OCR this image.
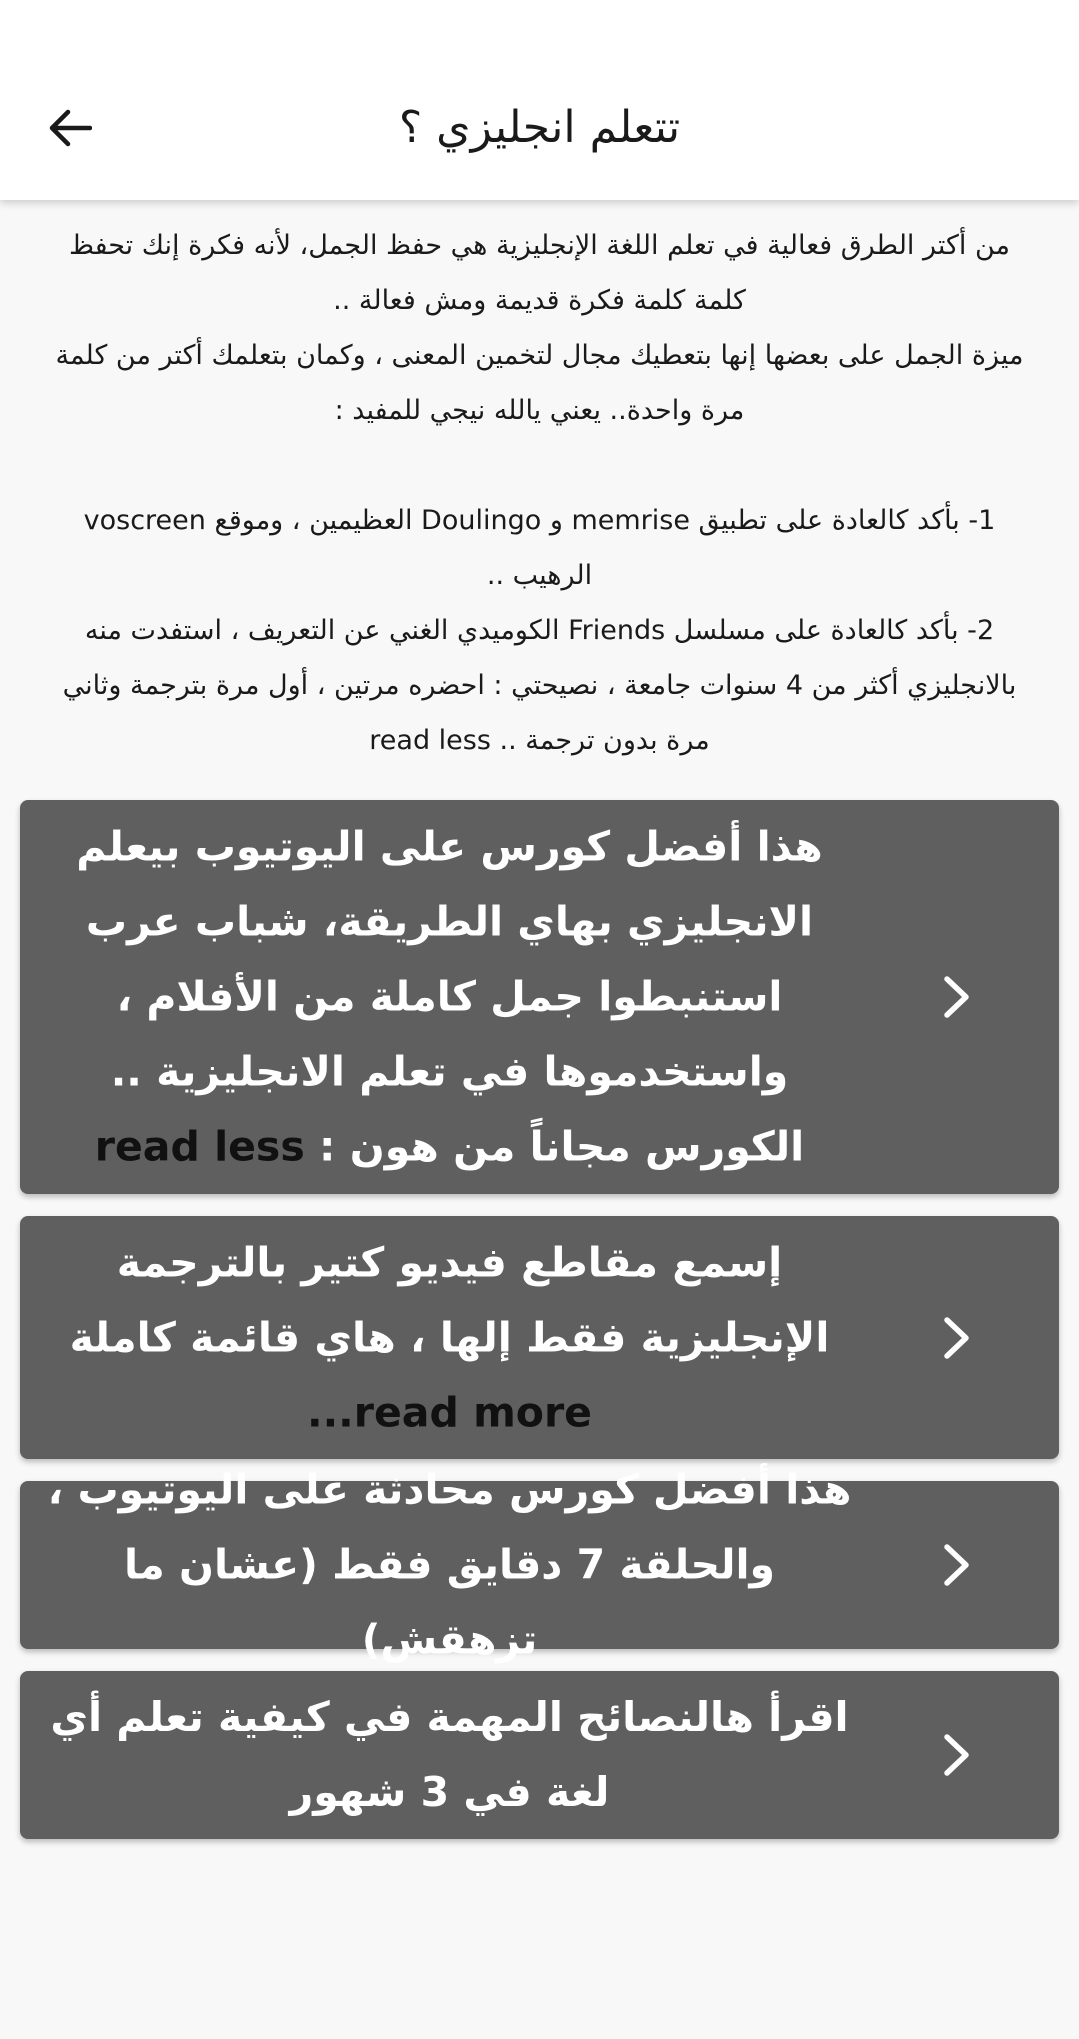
تتعلم انجليزي ؟

من أكتر الطرق فعالية في تعلم اللغة الإنجليزية هي حفظ الجمل، لأنه فكرة إنك تحفظ كلمة كلمة فكرة قديمة ومش فعالة ..

ميزة الجمل على بعضها إنها بتعطيك مجال لتخمين المعنى ، وكمان بتعلمك أكتر من كلمة مرة واحدة.. يعني يالله نيجي للمفيد :

1- بأكد كالعادة على تطبيق memrise و Doulingo العظيمين ، وموقع voscreen الرهيب ..

2- بأكد كالعادة على مسلسل Friends الكوميدي الغني عن التعريف ، استفدت منه بالانجليزي أكثر من 4 سنوات جامعة ، نصيحتي : احضره مرتين ، أول مرة بترجمة وثاني مرة بدون ترجمة .. read less

هذا أفضل كورس على اليوتيوب بيعلم الانجليزي بهاي الطريقة، شباب عرب استنبطوا جمل كاملة من الأفلام ، واستخدموها في تعلم الانجليزية .. الكورس مجاناً من هون : read less
إسمع مقاطع فيديو كتير بالترجمة الإنجليزية فقط إلها ، هاي قائمة كاملة read more...
هذا أفضل كورس محادثة على اليوتيوب ، والحلقة 7 دقايق فقط (عشان ما تزهقش)
اقرأ هالنصائح المهمة في كيفية تعلم أي لغة في 3 شهور
